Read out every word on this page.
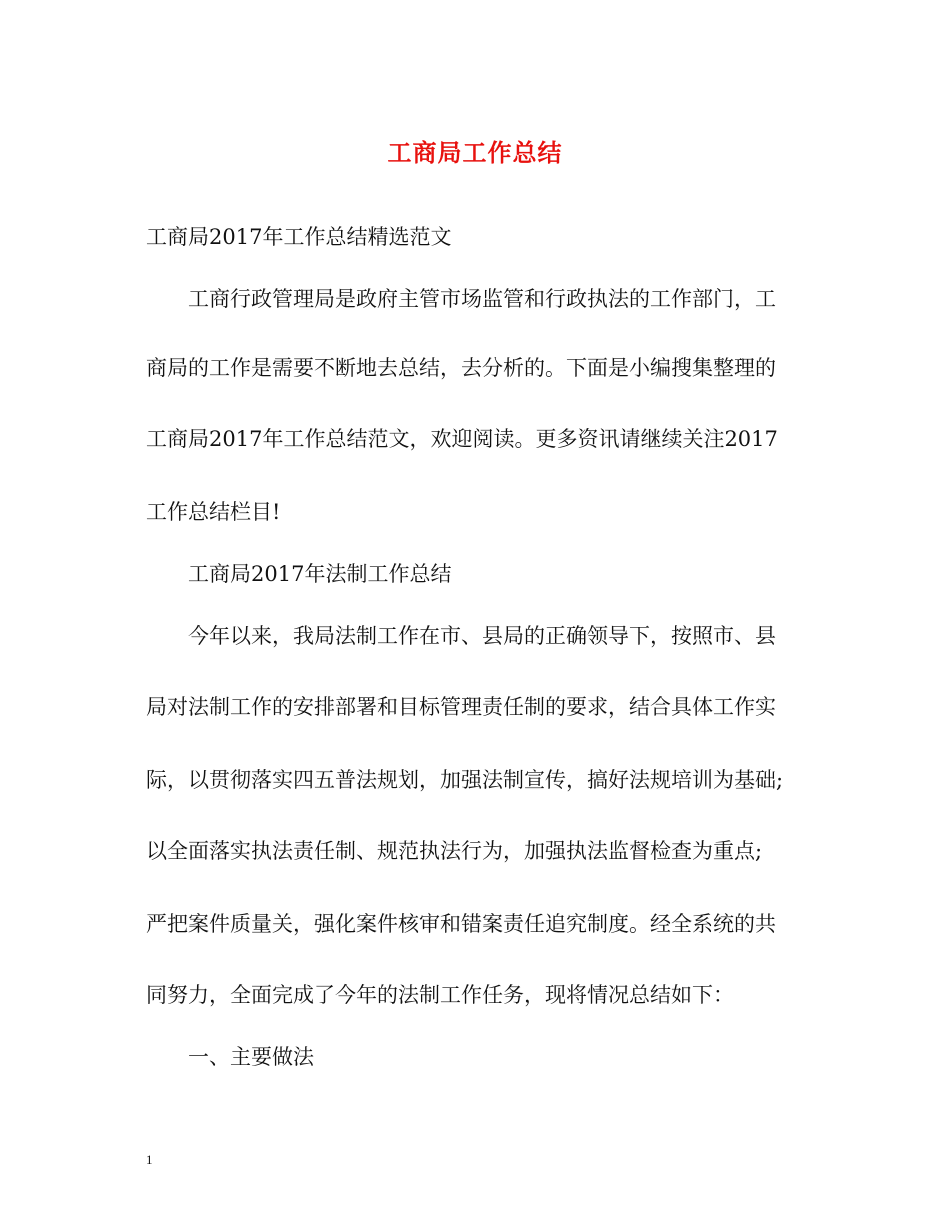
工商局工作总结
工商局2017年工作总结精选范文
工商行政管理局是政府主管市场监管和行政执法的工作部门，工
商局的工作是需要不断地去总结，去分析的。下面是小编搜集整理的
工商局2017年工作总结范文，欢迎阅读。更多资讯请继续关注2017
工作总结栏目!
工商局2017年法制工作总结
今年以来，我局法制工作在市、县局的正确领导下，按照市、县
局对法制工作的安排部署和目标管理责任制的要求，结合具体工作实
际，以贯彻落实四五普法规划，加强法制宣传，搞好法规培训为基础;
以全面落实执法责任制、规范执法行为，加强执法监督检查为重点;
严把案件质量关，强化案件核审和错案责任追究制度。经全系统的共
同努力，全面完成了今年的法制工作任务，现将情况总结如下：
一、主要做法
1
